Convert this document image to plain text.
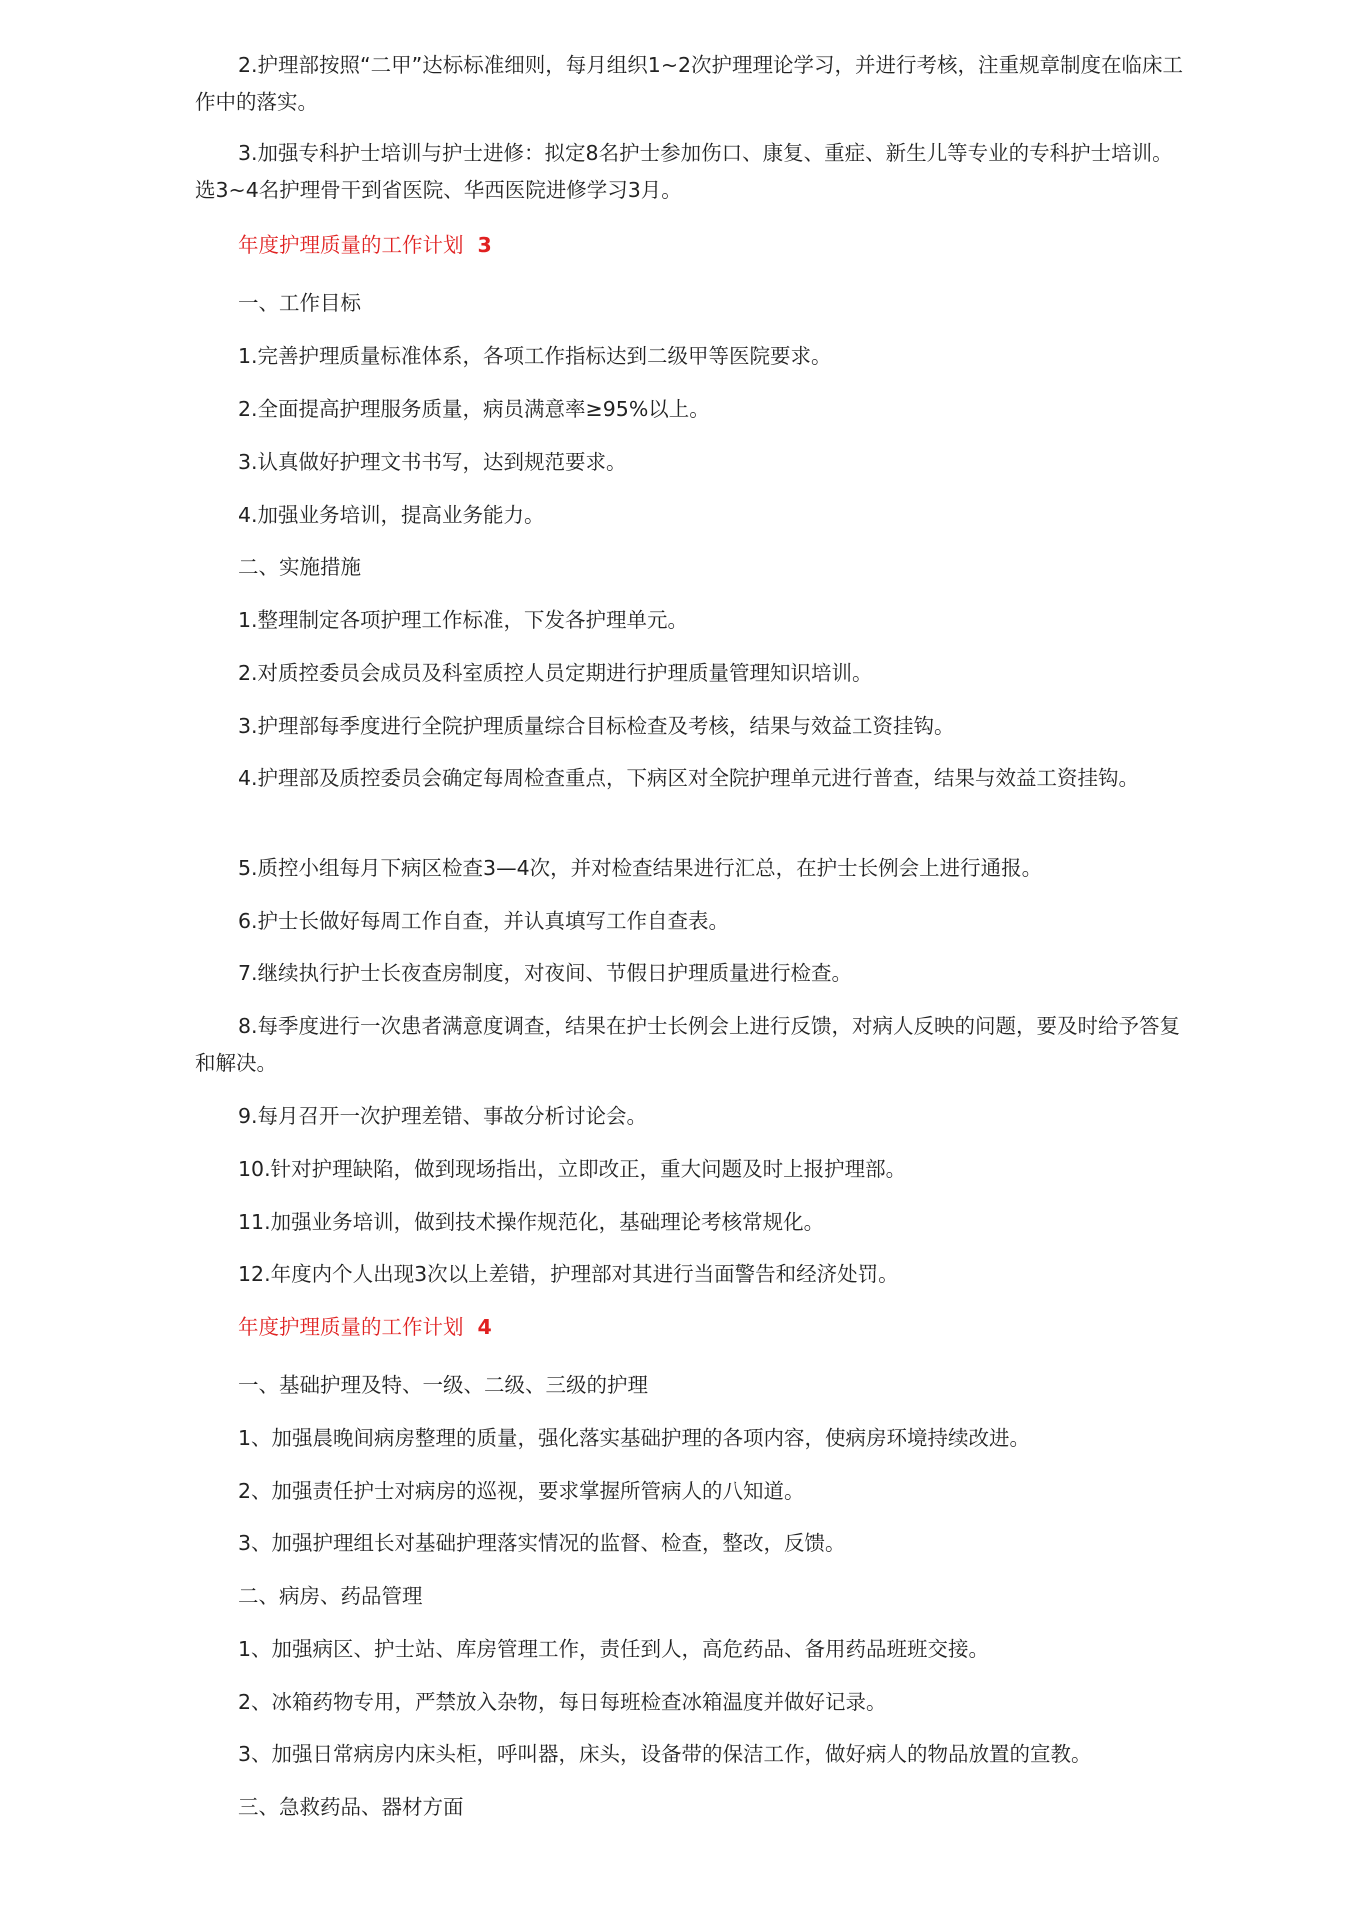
2.护理部按照“二甲”达标标准细则，每月组织1~2次护理理论学习，并进行考核，注重规章制度在临床工作中的落实。
3.加强专科护士培训与护士进修：拟定8名护士参加伤口、康复、重症、新生儿等专业的专科护士培训。选3~4名护理骨干到省医院、华西医院进修学习3月。
年度护理质量的工作计划 3
一、工作目标
1.完善护理质量标准体系，各项工作指标达到二级甲等医院要求。
2.全面提高护理服务质量，病员满意率≥95%以上。
3.认真做好护理文书书写，达到规范要求。
4.加强业务培训，提高业务能力。
二、实施措施
1.整理制定各项护理工作标准，下发各护理单元。
2.对质控委员会成员及科室质控人员定期进行护理质量管理知识培训。
3.护理部每季度进行全院护理质量综合目标检查及考核，结果与效益工资挂钩。
4.护理部及质控委员会确定每周检查重点，下病区对全院护理单元进行普查，结果与效益工资挂钩。
5.质控小组每月下病区检查3—4次，并对检查结果进行汇总，在护士长例会上进行通报。
6.护士长做好每周工作自查，并认真填写工作自查表。
7.继续执行护士长夜查房制度，对夜间、节假日护理质量进行检查。
8.每季度进行一次患者满意度调查，结果在护士长例会上进行反馈，对病人反映的问题，要及时给予答复和解决。
9.每月召开一次护理差错、事故分析讨论会。
10.针对护理缺陷，做到现场指出，立即改正，重大问题及时上报护理部。
11.加强业务培训，做到技术操作规范化，基础理论考核常规化。
12.年度内个人出现3次以上差错，护理部对其进行当面警告和经济处罚。
年度护理质量的工作计划 4
一、基础护理及特、一级、二级、三级的护理
1、加强晨晚间病房整理的质量，强化落实基础护理的各项内容，使病房环境持续改进。
2、加强责任护士对病房的巡视，要求掌握所管病人的八知道。
3、加强护理组长对基础护理落实情况的监督、检查，整改，反馈。
二、病房、药品管理
1、加强病区、护士站、库房管理工作，责任到人，高危药品、备用药品班班交接。
2、冰箱药物专用，严禁放入杂物，每日每班检查冰箱温度并做好记录。
3、加强日常病房内床头柜，呼叫器，床头，设备带的保洁工作，做好病人的物品放置的宣教。
三、急救药品、器材方面
